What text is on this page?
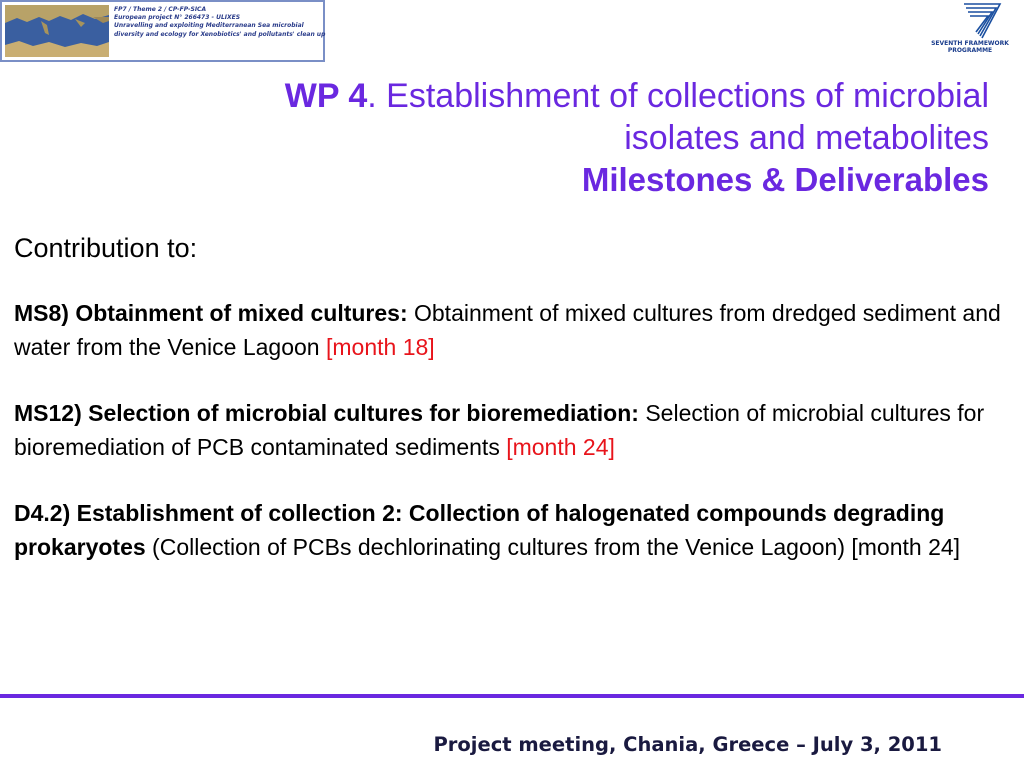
FP7 / Theme 2 / CP-FP-SICA
European project N° 266473 - ULIXES
Unravelling and exploiting Mediterranean Sea microbial
diversity and ecology for Xenobiotics' and pollutants' clean up
SEVENTH FRAMEWORK
PROGRAMME
WP 4. Establishment of collections of microbial
isolates and metabolites
Milestones & Deliverables
Contribution to:
MS8) Obtainment of mixed cultures: Obtainment of mixed cultures from dredged sediment and water from the Venice Lagoon [month 18]
MS12) Selection of microbial cultures for bioremediation: Selection of microbial cultures for bioremediation of PCB contaminated sediments [month 24]
D4.2) Establishment of collection 2: Collection of halogenated compounds degrading prokaryotes (Collection of PCBs dechlorinating cultures from the Venice Lagoon) [month 24]
Project meeting, Chania, Greece – July 3, 2011
